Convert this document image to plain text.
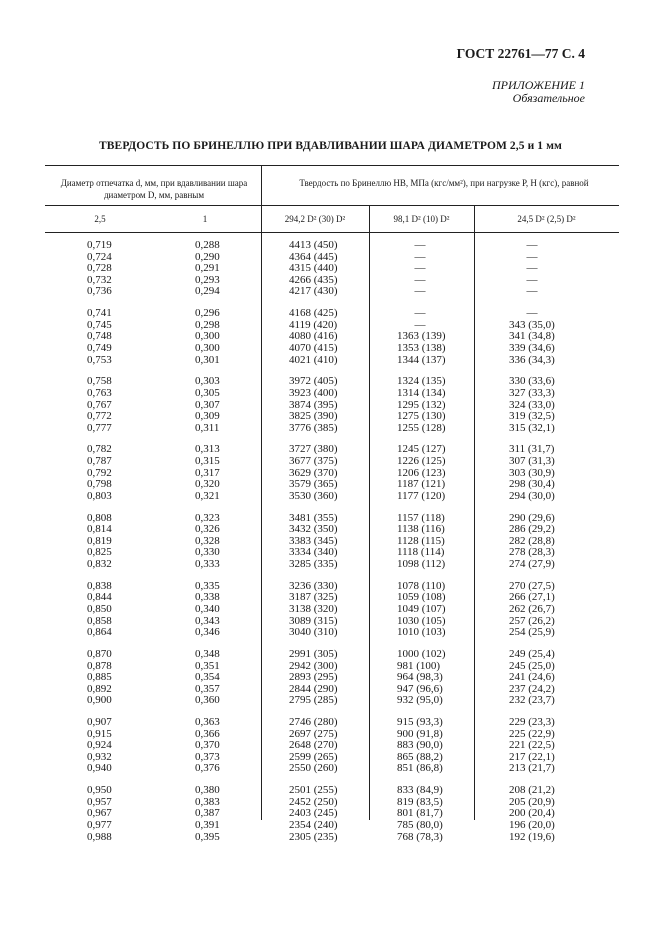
ГОСТ 22761—77 С. 4
ПРИЛОЖЕНИЕ 1
Обязательное
ТВЕРДОСТЬ ПО БРИНЕЛЛЮ ПРИ ВДАВЛИВАНИИ ШАРА ДИАМЕТРОМ 2,5 и 1 мм
Диаметр отпечатка d, мм, при вдавливании шара диаметром D, мм, равным
Твердость по Бринеллю НВ, МПа (кгс/мм²), при нагрузке Р, Н (кгс), равной
2,5	1	294,2 D² (30) D²	98,1 D² (10) D²	24,5 D² (2,5) D²
0,719	0,288	4413 (450)	—	—
0,724	0,290	4364 (445)	—	—
0,728	0,291	4315 (440)	—	—
0,732	0,293	4266 (435)	—	—
0,736	0,294	4217 (430)	—	—
0,741	0,296	4168 (425)	—	—
0,745	0,298	4119 (420)	—	343 (35,0)
0,748	0,300	4080 (416)	1363 (139)	341 (34,8)
0,749	0,300	4070 (415)	1353 (138)	339 (34,6)
0,753	0,301	4021 (410)	1344 (137)	336 (34,3)
0,758	0,303	3972 (405)	1324 (135)	330 (33,6)
0,763	0,305	3923 (400)	1314 (134)	327 (33,3)
0,767	0,307	3874 (395)	1295 (132)	324 (33,0)
0,772	0,309	3825 (390)	1275 (130)	319 (32,5)
0,777	0,311	3776 (385)	1255 (128)	315 (32,1)
0,782	0,313	3727 (380)	1245 (127)	311 (31,7)
0,787	0,315	3677 (375)	1226 (125)	307 (31,3)
0,792	0,317	3629 (370)	1206 (123)	303 (30,9)
0,798	0,320	3579 (365)	1187 (121)	298 (30,4)
0,803	0,321	3530 (360)	1177 (120)	294 (30,0)
0,808	0,323	3481 (355)	1157 (118)	290 (29,6)
0,814	0,326	3432 (350)	1138 (116)	286 (29,2)
0,819	0,328	3383 (345)	1128 (115)	282 (28,8)
0,825	0,330	3334 (340)	1118 (114)	278 (28,3)
0,832	0,333	3285 (335)	1098 (112)	274 (27,9)
0,838	0,335	3236 (330)	1078 (110)	270 (27,5)
0,844	0,338	3187 (325)	1059 (108)	266 (27,1)
0,850	0,340	3138 (320)	1049 (107)	262 (26,7)
0,858	0,343	3089 (315)	1030 (105)	257 (26,2)
0,864	0,346	3040 (310)	1010 (103)	254 (25,9)
0,870	0,348	2991 (305)	1000 (102)	249 (25,4)
0,878	0,351	2942 (300)	981 (100)	245 (25,0)
0,885	0,354	2893 (295)	964 (98,3)	241 (24,6)
0,892	0,357	2844 (290)	947 (96,6)	237 (24,2)
0,900	0,360	2795 (285)	932 (95,0)	232 (23,7)
0,907	0,363	2746 (280)	915 (93,3)	229 (23,3)
0,915	0,366	2697 (275)	900 (91,8)	225 (22,9)
0,924	0,370	2648 (270)	883 (90,0)	221 (22,5)
0,932	0,373	2599 (265)	865 (88,2)	217 (22,1)
0,940	0,376	2550 (260)	851 (86,8)	213 (21,7)
0,950	0,380	2501 (255)	833 (84,9)	208 (21,2)
0,957	0,383	2452 (250)	819 (83,5)	205 (20,9)
0,967	0,387	2403 (245)	801 (81,7)	200 (20,4)
0,977	0,391	2354 (240)	785 (80,0)	196 (20,0)
0,988	0,395	2305 (235)	768 (78,3)	192 (19,6)
